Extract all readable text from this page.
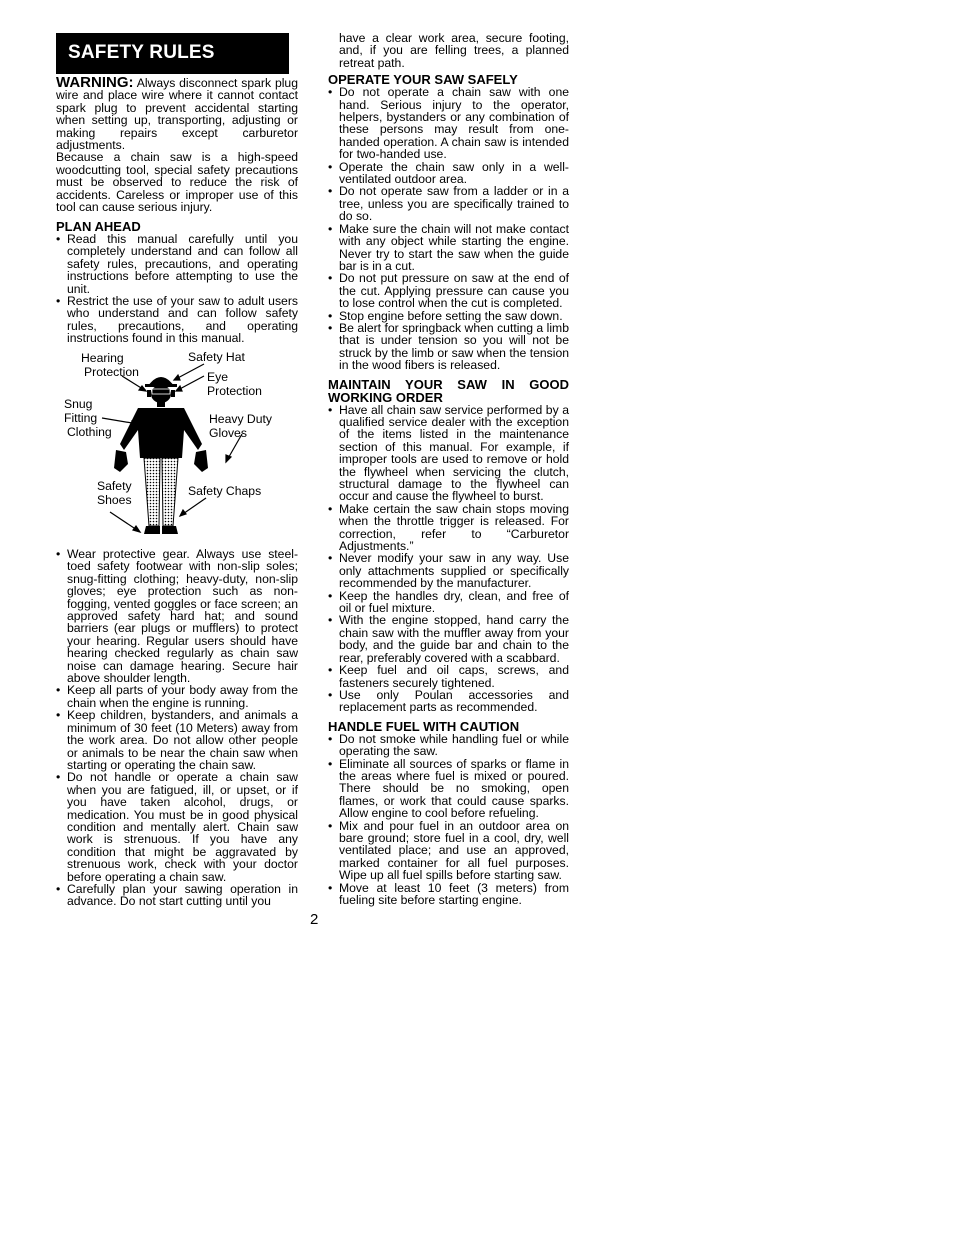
SAFETY RULES

WARNING: Always disconnect spark plug wire and place wire where it cannot contact spark plug to prevent accidental starting when setting up, transporting, adjusting or making repairs except carburetor adjustments.

Because a chain saw is a high-speed woodcutting tool, special safety precautions must be observed to reduce the risk of accidents. Careless or improper use of this tool can cause serious injury.

PLAN AHEAD
• Read this manual carefully until you completely understand and can follow all safety rules, precautions, and operating instructions before attempting to use the unit.
• Restrict the use of your saw to adult users who understand and can follow safety rules, precautions, and operating instructions found in this manual.
Hearing
Protection
Safety Hat
Eye
Protection
Snug
Fitting
Clothing
Heavy Duty
Gloves
Safety
Shoes
Safety Chaps
• Wear protective gear. Always use steel-toed safety footwear with non-slip soles; snug-fitting clothing; heavy-duty, non-slip gloves; eye protection such as non-fogging, vented goggles or face screen; an approved safety hard hat; and sound barriers (ear plugs or mufflers) to protect your hearing. Regular users should have hearing checked regularly as chain saw noise can damage hearing. Secure hair above shoulder length.
• Keep all parts of your body away from the chain when the engine is running.
• Keep children, bystanders, and animals a minimum of 30 feet (10 Meters) away from the work area. Do not allow other people or animals to be near the chain saw when starting or operating the chain saw.
• Do not handle or operate a chain saw when you are fatigued, ill, or upset, or if you have taken alcohol, drugs, or medication. You must be in good physical condition and mentally alert. Chain saw work is strenuous. If you have any condition that might be aggravated by strenuous work, check with your doctor before operating a chain saw.
• Carefully plan your sawing operation in advance. Do not start cutting until you

have a clear work area, secure footing, and, if you are felling trees, a planned retreat path.

OPERATE YOUR SAW SAFELY
• Do not operate a chain saw with one hand. Serious injury to the operator, helpers, bystanders or any combination of these persons may result from one-handed operation. A chain saw is intended for two-handed use.
• Operate the chain saw only in a well-ventilated outdoor area.
• Do not operate saw from a ladder or in a tree, unless you are specifically trained to do so.
• Make sure the chain will not make contact with any object while starting the engine. Never try to start the saw when the guide bar is in a cut.
• Do not put pressure on saw at the end of the cut. Applying pressure can cause you to lose control when the cut is completed.
• Stop engine before setting the saw down.
• Be alert for springback when cutting a limb that is under tension so you will not be struck by the limb or saw when the tension in the wood fibers is released.
MAINTAIN YOUR SAW IN GOOD WORKING ORDER
• Have all chain saw service performed by a qualified service dealer with the exception of the items listed in the maintenance section of this manual. For example, if improper tools are used to remove or hold the flywheel when servicing the clutch, structural damage to the flywheel can occur and cause the flywheel to burst.
• Make certain the saw chain stops moving when the throttle trigger is released. For correction, refer to “Carburetor Adjustments.”
• Never modify your saw in any way. Use only attachments supplied or specifically recommended by the manufacturer.
• Keep the handles dry, clean, and free of oil or fuel mixture.
• With the engine stopped, hand carry the chain saw with the muffler away from your body, and the guide bar and chain to the rear, preferably covered with a scabbard.
• Keep fuel and oil caps, screws, and fasteners securely tightened.
• Use only Poulan accessories and replacement parts as recommended.
HANDLE FUEL WITH CAUTION
• Do not smoke while handling fuel or while operating the saw.
• Eliminate all sources of sparks or flame in the areas where fuel is mixed or poured. There should be no smoking, open flames, or work that could cause sparks. Allow engine to cool before refueling.
• Mix and pour fuel in an outdoor area on bare ground; store fuel in a cool, dry, well ventilated place; and use an approved, marked container for all fuel purposes. Wipe up all fuel spills before starting saw.
• Move at least 10 feet (3 meters) from fueling site before starting engine.
2
